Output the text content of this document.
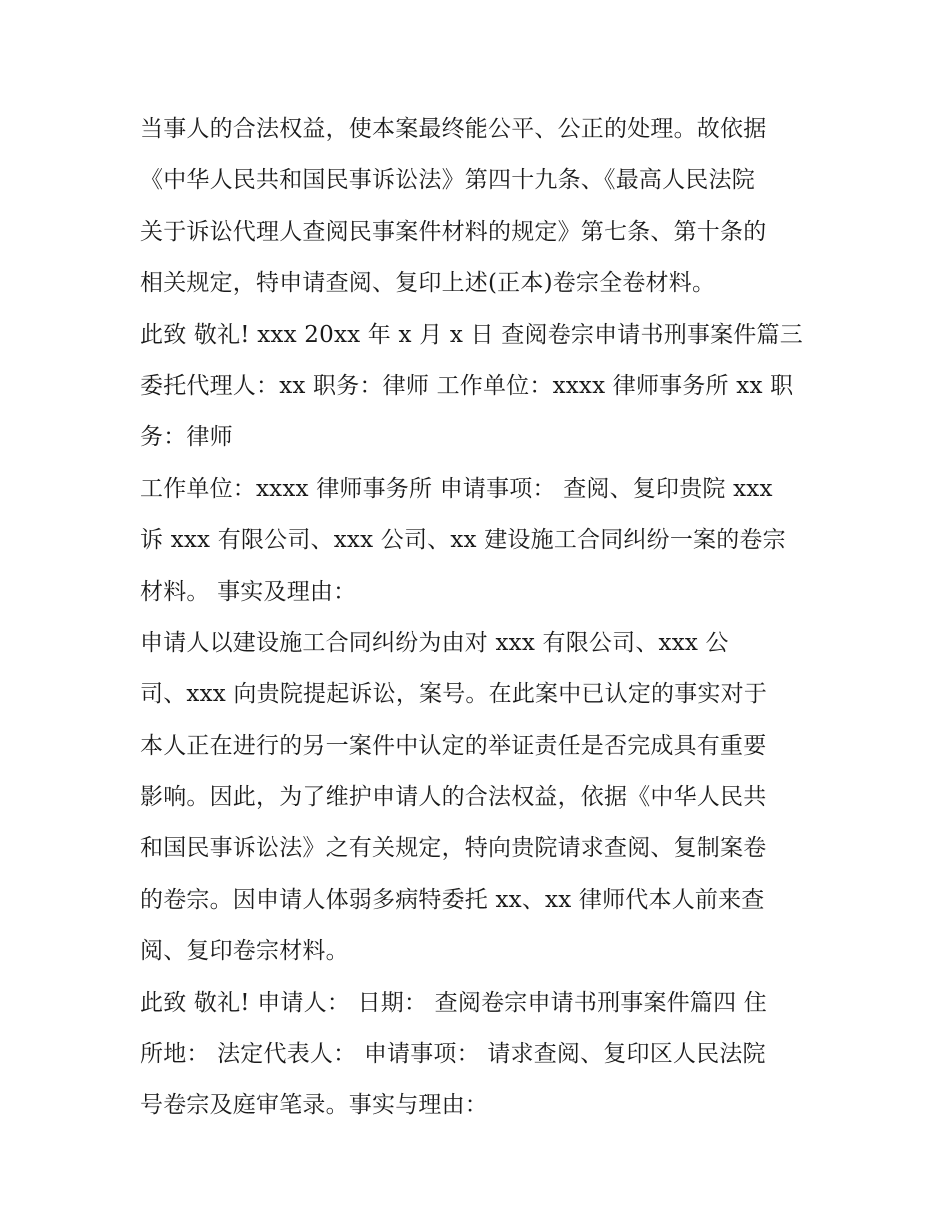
当事人的合法权益，使本案最终能公平、公正的处理。故依据
《中华人民共和国民事诉讼法》第四十九条、《最高人民法院
关于诉讼代理人查阅民事案件材料的规定》第七条、第十条的
相关规定，特申请查阅、复印上述(正本)卷宗全卷材料。
此致 敬礼! xxx 20xx 年 x 月 x 日 查阅卷宗申请书刑事案件篇三
委托代理人：xx 职务：律师 工作单位：xxxx 律师事务所 xx 职
务：律师
工作单位：xxxx 律师事务所 申请事项： 查阅、复印贵院 xxx
诉 xxx 有限公司、xxx 公司、xx 建设施工合同纠纷一案的卷宗
材料。 事实及理由：
申请人以建设施工合同纠纷为由对 xxx 有限公司、xxx 公
司、xxx 向贵院提起诉讼，案号。在此案中已认定的事实对于
本人正在进行的另一案件中认定的举证责任是否完成具有重要
影响。因此，为了维护申请人的合法权益，依据《中华人民共
和国民事诉讼法》之有关规定，特向贵院请求查阅、复制案卷
的卷宗。因申请人体弱多病特委托 xx、xx 律师代本人前来查
阅、复印卷宗材料。
此致 敬礼! 申请人： 日期： 查阅卷宗申请书刑事案件篇四 住
所地： 法定代表人： 申请事项： 请求查阅、复印区人民法院
号卷宗及庭审笔录。事实与理由：
